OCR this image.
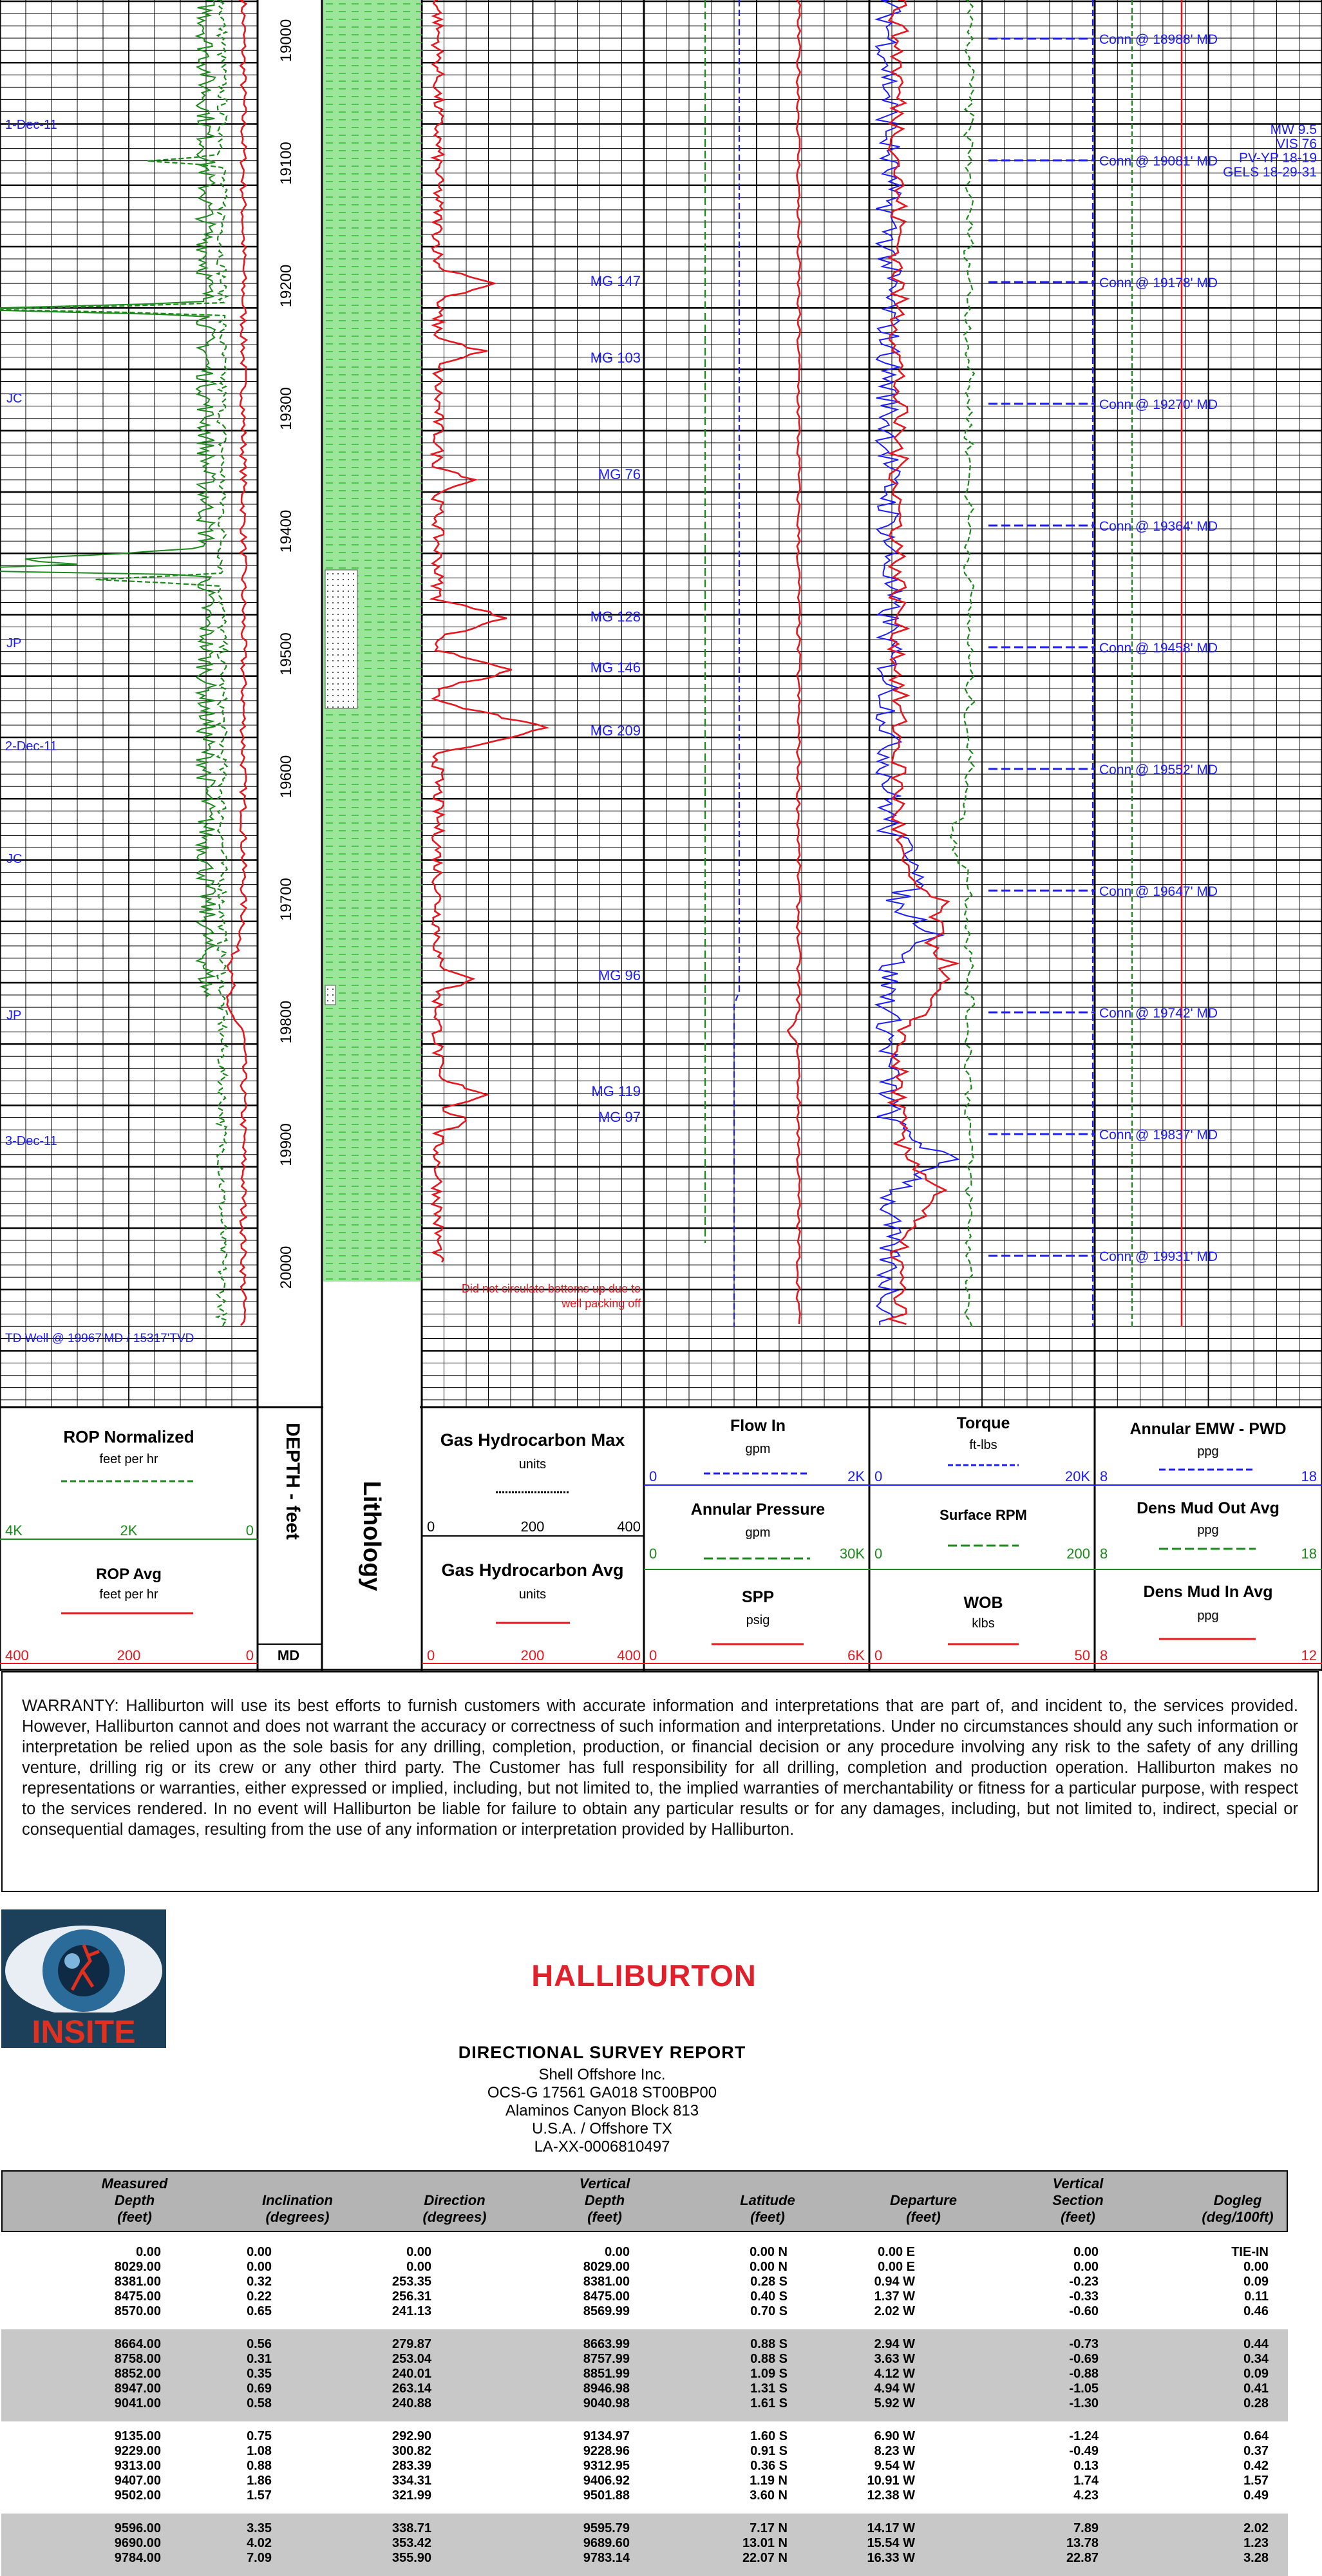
19000
19100
19200
19300
19400
19500
19600
19700
19800
19900
20000
1-Dec-11
2-Dec-11
3-Dec-11
JC
JP
JC
JP
TD Well @ 19967'MD / 15317'TVD
MG 147
MG 103
MG 76
MG 128
MG 146
MG 209
MG 96
MG 119
MG 97
Did not circulate bottoms up due to
well packing off
Conn @ 18988' MD
Conn @ 19081' MD
Conn @ 19178' MD
Conn @ 19270' MD
Conn @ 19364' MD
Conn @ 19458' MD
Conn @ 19552' MD
Conn @ 19647' MD
Conn @ 19742' MD
Conn @ 19837' MD
Conn @ 19931' MD
MW 9.5
VIS 76
PV-YP 18-19
GELS 18-29-31
ROP Normalized
feet per hr
4K	2K	0
ROP Avg
feet per hr
400	200	0
DEPTH - feet
MD
Lithology
Gas Hydrocarbon Max
units
0	200	400
Gas Hydrocarbon Avg
units
0	200	400
Flow In
gpm
0	2K
Annular Pressure
gpm
0	30K
SPP
psig
0	6K
Torque
ft-lbs
0	20K
Surface RPM
0	200
WOB
klbs
0	50
Annular EMW - PWD
ppg
8	18
Dens Mud Out Avg
ppg
8	18
Dens Mud In Avg
ppg
8	12
WARRANTY: Halliburton will use its best efforts to furnish customers with accurate information and interpretations that are part of, and incident to, the services provided. However, Halliburton cannot and does not warrant the accuracy or correctness of such information and interpretations. Under no circumstances should any such information or interpretation be relied upon as the sole basis for any drilling, completion, production, or financial decision or any procedure involving any risk to the safety of any drilling venture, drilling rig or its crew or any other third party. The Customer has full responsibility for all drilling, completion and production operation. Halliburton makes no representations or warranties, either expressed or implied, including, but not limited to, the implied warranties of merchantability or fitness for a particular purpose, with respect to the services rendered. In no event will Halliburton be liable for failure to obtain any particular results or for any damages, including, but not limited to, indirect, special or consequential damages, resulting from the use of any information or interpretation provided by Halliburton.
INSITE
HALLIBURTON
DIRECTIONAL SURVEY REPORT
Shell Offshore Inc.
OCS-G 17561 GA018 ST00BP00
Alaminos Canyon Block 813
U.S.A. / Offshore TX
LA-XX-0006810497
Measured
Depth
(feet)
Inclination
(degrees)
Direction
(degrees)
Vertical
Depth
(feet)
Latitude
(feet)
Departure
(feet)
Vertical
Section
(feet)
Dogleg
(deg/100ft)
0.00	0.00	0.00	0.00	0.00 N	0.00 E	0.00	TIE-IN
8029.00	0.00	0.00	8029.00	0.00 N	0.00 E	0.00	0.00
8381.00	0.32	253.35	8381.00	0.28 S	0.94 W	-0.23	0.09
8475.00	0.22	256.31	8475.00	0.40 S	1.37 W	-0.33	0.11
8570.00	0.65	241.13	8569.99	0.70 S	2.02 W	-0.60	0.46
8664.00	0.56	279.87	8663.99	0.88 S	2.94 W	-0.73	0.44
8758.00	0.31	253.04	8757.99	0.88 S	3.63 W	-0.69	0.34
8852.00	0.35	240.01	8851.99	1.09 S	4.12 W	-0.88	0.09
8947.00	0.69	263.14	8946.98	1.31 S	4.94 W	-1.05	0.41
9041.00	0.58	240.88	9040.98	1.61 S	5.92 W	-1.30	0.28
9135.00	0.75	292.90	9134.97	1.60 S	6.90 W	-1.24	0.64
9229.00	1.08	300.82	9228.96	0.91 S	8.23 W	-0.49	0.37
9313.00	0.88	283.39	9312.95	0.36 S	9.54 W	0.13	0.42
9407.00	1.86	334.31	9406.92	1.19 N	10.91 W	1.74	1.57
9502.00	1.57	321.99	9501.88	3.60 N	12.38 W	4.23	0.49
9596.00	3.35	338.71	9595.79	7.17 N	14.17 W	7.89	2.02
9690.00	4.02	353.42	9689.60	13.01 N	15.54 W	13.78	1.23
9784.00	7.09	355.90	9783.14	22.07 N	16.33 W	22.87	3.28
